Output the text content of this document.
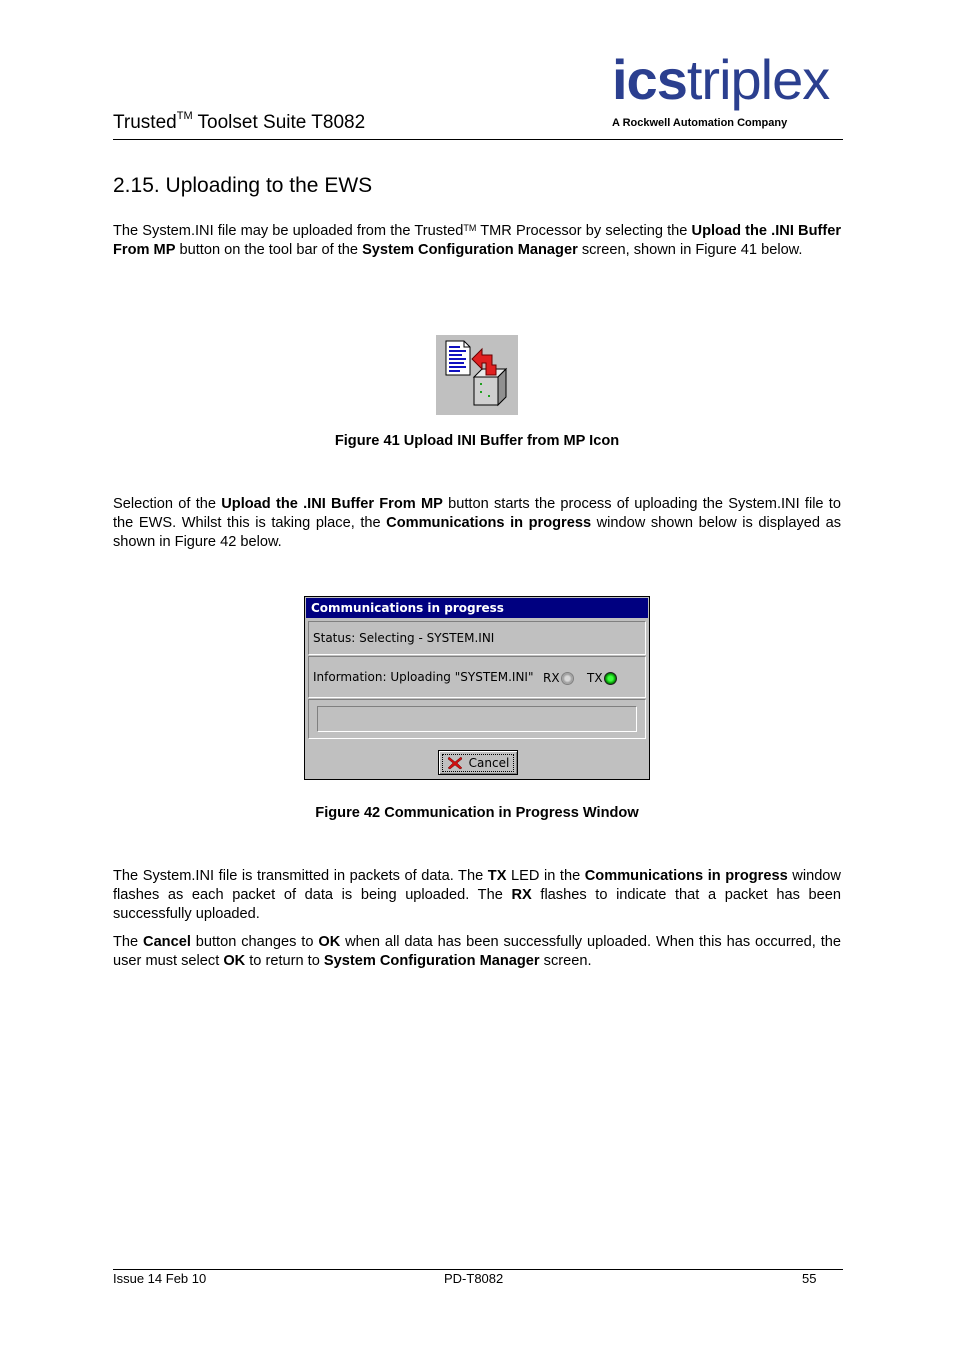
Trusted™ Toolset Suite T8082
icstriplex
A Rockwell Automation Company
2.15. Uploading to the EWS

The System.INI file may be uploaded from the Trusted™ TMR Processor by selecting the Upload the .INI Buffer From MP button on the tool bar of the System Configuration Manager screen, shown in Figure 41 below.

Figure 41 Upload INI Buffer from MP Icon

Selection of the Upload the .INI Buffer From MP button starts the process of uploading the System.INI file to the EWS. Whilst this is taking place, the Communications in progress window shown below is displayed as shown in Figure 42 below.

Communications in progress
Status: Selecting - SYSTEM.INI
Information: Uploading "SYSTEM.INI" RX	TX
Cancel
Figure 42 Communication in Progress Window

The System.INI file is transmitted in packets of data. The TX LED in the Communications in progress window flashes as each packet of data is being uploaded. The RX flashes to indicate that a packet has been successfully uploaded.

The Cancel button changes to OK when all data has been successfully uploaded. When this has occurred, the user must select OK to return to System Configuration Manager screen.

Issue 14 Feb 10	PD-T8082	55
